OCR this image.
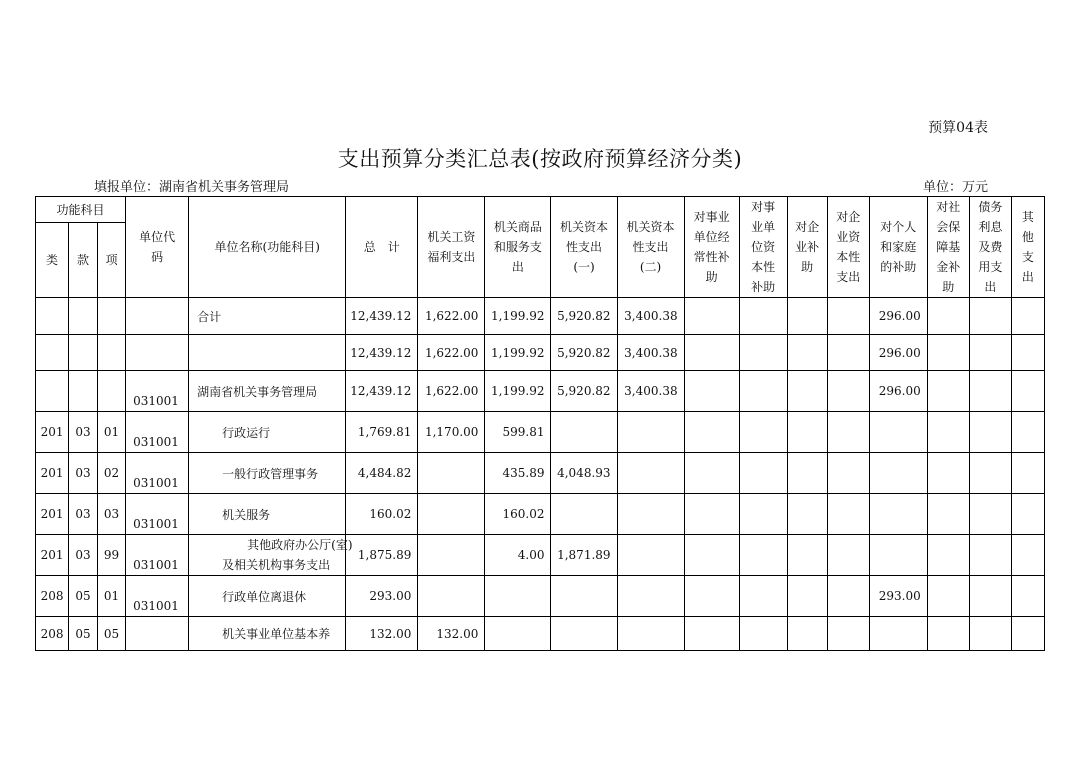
预算04表
支出预算分类汇总表(按政府预算经济分类)
填报单位：湖南省机关事务管理局	单位：万元
功能科目			单位代
码	单位名称(功能科目)	总　计	机关工资
福利支出	机关商品
和服务支
出	机关资本
性支出
(一)	机关资本
性支出
(二)	对事业
单位经
常性补
助	对事
业单
位资
本性
补助	对企
业补
助	对企
业资
本性
支出	对个人
和家庭
的补助	对社
会保
障基
金补
助	债务
利息
及费
用支
出	其
他
支
出

类	款	项															
				合计	12,439.12	1,622.00	1,199.92	5,920.82	3,400.38					296.00			
					12,439.12	1,622.00	1,199.92	5,920.82	3,400.38					296.00			
			031001	湖南省机关事务管理局	12,439.12	1,622.00	1,199.92	5,920.82	3,400.38					296.00			
201	03	01	031001	行政运行	1,769.81	1,170.00	599.81										
201	03	02	031001	一般行政管理事务	4,484.82		435.89	4,048.93									
201	03	03	031001	机关服务	160.02		160.02										
201	03	99	031001	其他政府办公厅(室)
及相关机构事务支出	1,875.89		4.00	1,871.89									
208	05	01	031001	行政单位离退休	293.00									293.00			
208	05	05		机关事业单位基本养	132.00	132.00											
